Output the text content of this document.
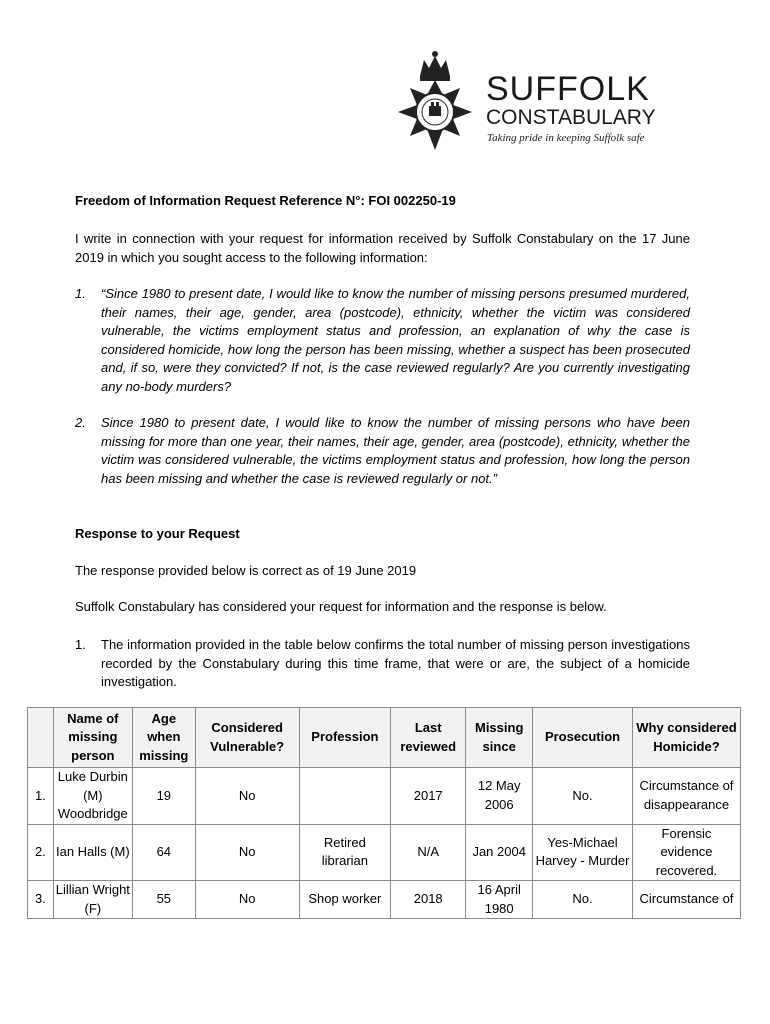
SUFFOLK
CONSTABULARY
Taking pride in keeping Suffolk safe
Freedom of Information Request Reference N°: FOI 002250-19
I write in connection with your request for information received by Suffolk Constabulary on the 17 June 2019 in which you sought access to the following information:
1. “Since 1980 to present date, I would like to know the number of missing persons presumed murdered, their names, their age, gender, area (postcode), ethnicity, whether the victim was considered vulnerable, the victims employment status and profession, an explanation of why the case is considered homicide, how long the person has been missing, whether a suspect has been prosecuted and, if so, were they convicted? If not, is the case reviewed regularly? Are you currently investigating any no-body murders?
2. Since 1980 to present date, I would like to know the number of missing persons who have been missing for more than one year, their names, their age, gender, area (postcode), ethnicity, whether the victim was considered vulnerable, the victims employment status and profession, how long the person has been missing and whether the case is reviewed regularly or not.”
Response to your Request
The response provided below is correct as of 19 June 2019
Suffolk Constabulary has considered your request for information and the response is below.
1. The information provided in the table below confirms the total number of missing person investigations recorded by the Constabulary during this time frame, that were or are, the subject of a homicide investigation.
	Name of missing person	Age when missing	Considered Vulnerable?	Profession	Last reviewed	Missing since	Prosecution	Why considered Homicide?
1.	Luke Durbin (M) Woodbridge	19	No		2017	12 May 2006	No.	Circumstance of disappearance
2.	Ian Halls (M)	64	No	Retired librarian	N/A	Jan 2004	Yes-Michael Harvey - Murder	Forensic evidence recovered.
3.	Lillian Wright (F)	55	No	Shop worker	2018	16 April 1980	No.	Circumstance of
